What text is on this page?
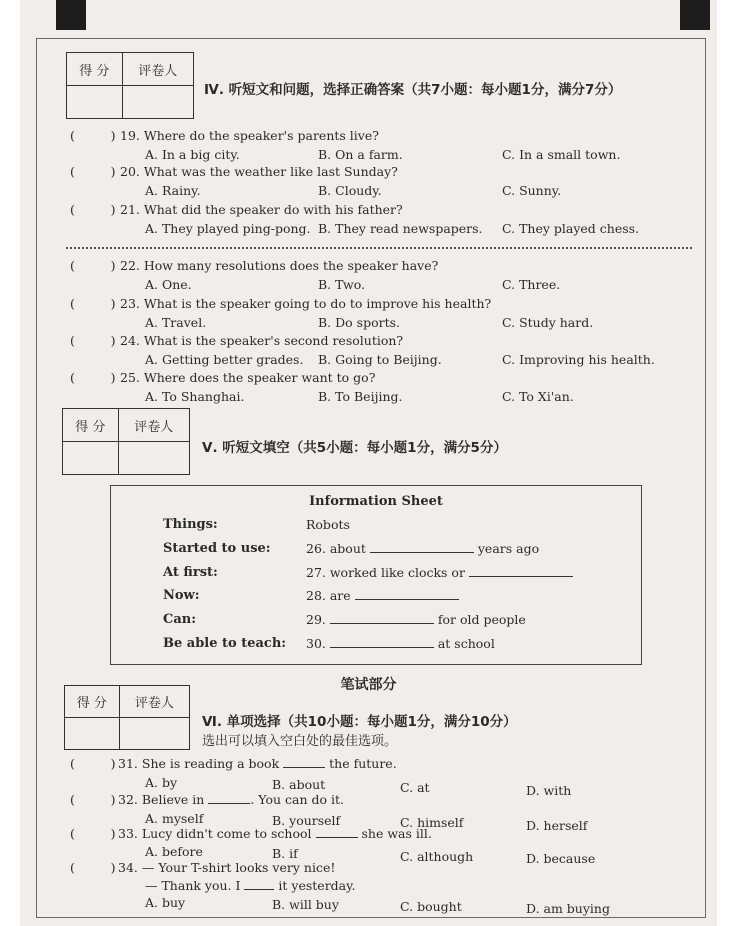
得 分	评卷人

Ⅳ. 听短文和问题，选择正确答案（共7小题：每小题1分，满分7分）
(         ) 19. Where do the speaker's parents live?
A. In a big city.	B. On a farm.	C. In a small town.
(         ) 20. What was the weather like last Sunday?
A. Rainy.	B. Cloudy.	C. Sunny.
(         ) 21. What did the speaker do with his father?
A. They played ping-pong. B. They read newspapers. C. They played chess.
(         ) 22. How many resolutions does the speaker have?
A. One.	B. Two.	C. Three.
(         ) 23. What is the speaker going to do to improve his health?
A. Travel.	B. Do sports.	C. Study hard.
(         ) 24. What is the speaker's second resolution?
A. Getting better grades. B. Going to Beijing.	C. Improving his health.
(         ) 25. Where does the speaker want to go?
A. To Shanghai.	B. To Beijing.	C. To Xi'an.
得 分	评卷人

Ⅴ. 听短文填空（共5小题：每小题1分，满分5分）
Information Sheet
Things:	Robots
Started to use:	26. about	years ago
At first:	27. worked like clocks or
Now:	28. are
Can:	29.	for old people
Be able to teach: 30.	at school
笔试部分
得 分	评卷人

Ⅵ. 单项选择（共10小题：每小题1分，满分10分）
选出可以填入空白处的最佳选项。
(         ) 31. She is reading a book	the future.
A. by	B. about	C. at	D. with
(         ) 32. Believe in	. You can do it.
A. myself	B. yourself	C. himself	D. herself
(         ) 33. Lucy didn't come to school	she was ill.
A. before	B. if	C. although	D. because
(         ) 34. — Your T-shirt looks very nice!
— Thank you. I	it yesterday.
A. buy	B. will buy	C. bought	D. am buying
